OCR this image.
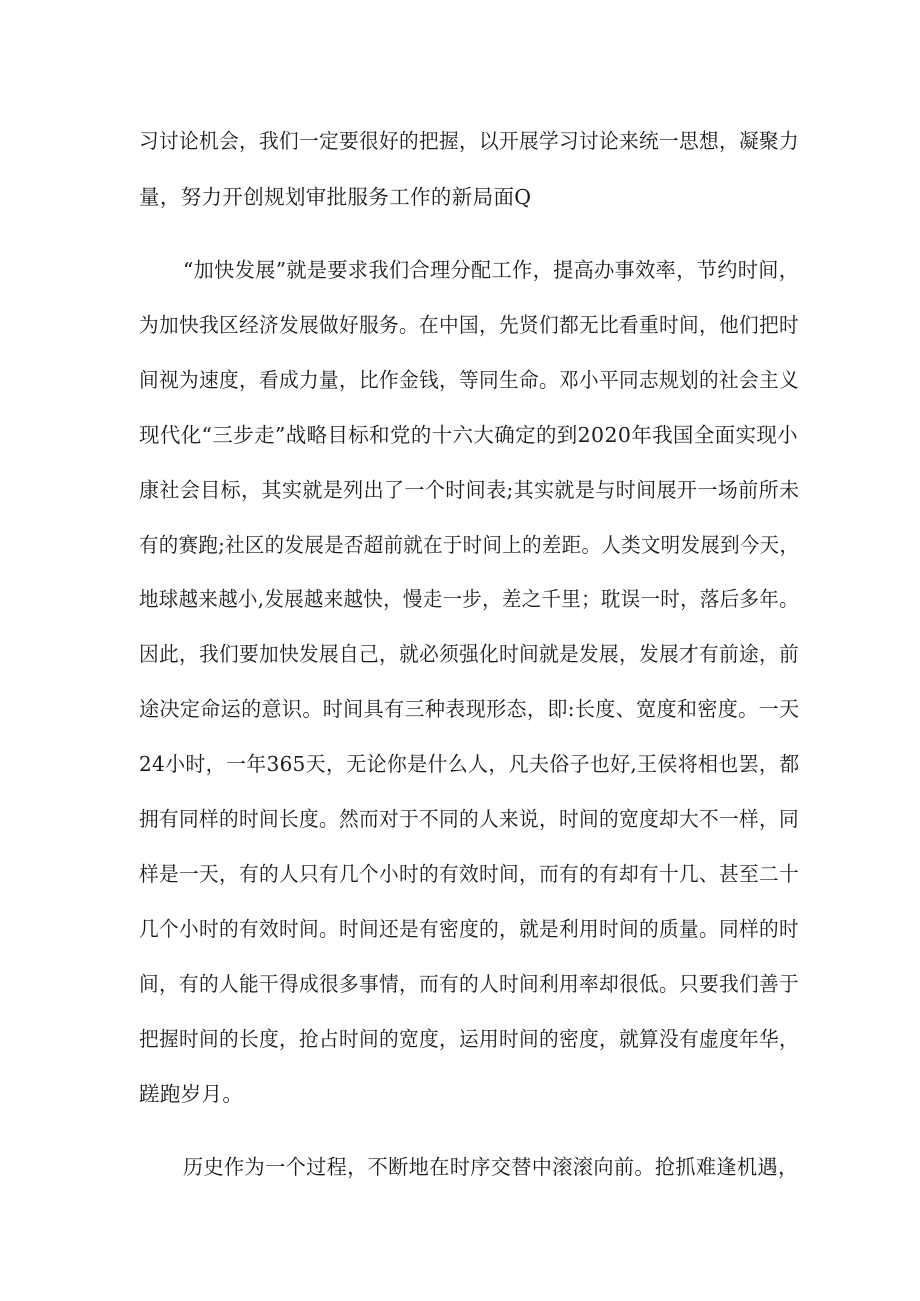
习讨论机会，我们一定要很好的把握，以开展学习讨论来统一思想，凝聚力
量，努力开创规划审批服务工作的新局面Q
“加快发展”就是要求我们合理分配工作，提高办事效率，节约时间，
为加快我区经济发展做好服务。在中国，先贤们都无比看重时间，他们把时
间视为速度，看成力量，比作金钱，等同生命。邓小平同志规划的社会主义
现代化“三步走”战略目标和党的十六大确定的到2020年我国全面实现小
康社会目标，其实就是列出了一个时间表;其实就是与时间展开一场前所未
有的赛跑;社区的发展是否超前就在于时间上的差距。人类文明发展到今天，
地球越来越小,发展越来越快，慢走一步，差之千里；耽误一时，落后多年。
因此，我们要加快发展自己，就必须强化时间就是发展，发展才有前途，前
途决定命运的意识。时间具有三种表现形态，即:长度、宽度和密度。一天
24小时，一年365天，无论你是什么人，凡夫俗子也好,王侯将相也罢，都
拥有同样的时间长度。然而对于不同的人来说，时间的宽度却大不一样，同
样是一天，有的人只有几个小时的有效时间，而有的有却有十几、甚至二十
几个小时的有效时间。时间还是有密度的，就是利用时间的质量。同样的时
间，有的人能干得成很多事情，而有的人时间利用率却很低。只要我们善于
把握时间的长度，抢占时间的宽度，运用时间的密度，就算没有虚度年华，
蹉跑岁月。
历史作为一个过程，不断地在时序交替中滚滚向前。抢抓难逢机遇，
